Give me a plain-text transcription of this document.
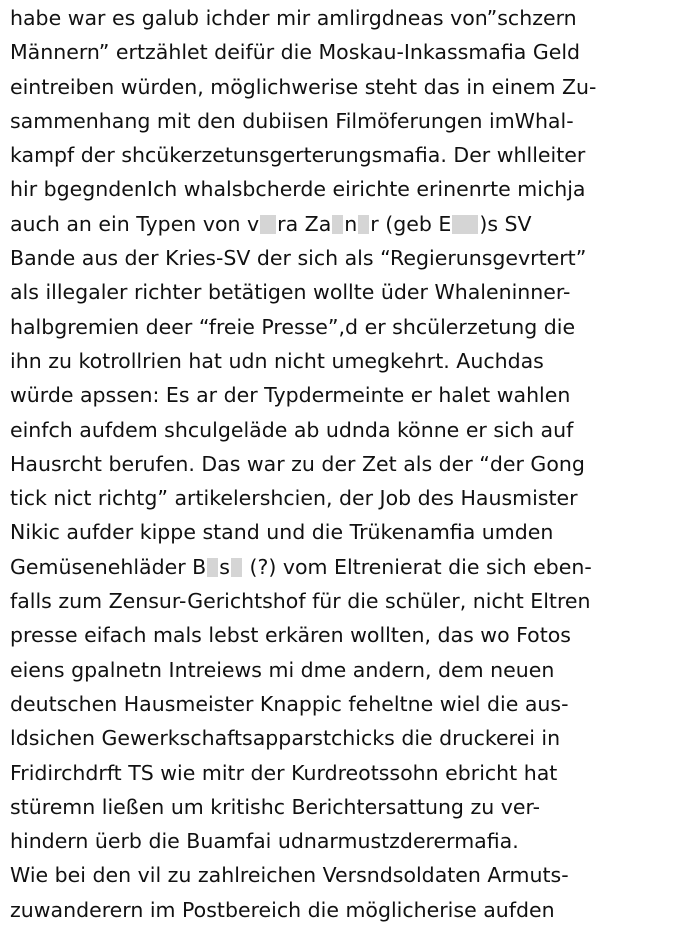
habe war es galub ichder mir amlirgdneas von”schzern
Männern” ertzählet deifür die Moskau-Inkassmafia Geld
eintreiben würden, möglichwerise steht das in einem Zu-
sammenhang mit den dubiisen Filmöferungen imWhal-
kampf der shcükerzetunsgerterungsmafia. Der whlleiter
hir bgegndenIch whalsbcherde eirichte erinenrte michja
auch an ein Typen von v ra Za n r (geb E )s SV
Bande aus der Kries-SV der sich als “Regierunsgevrtert”
als illegaler richter betätigen wollte üder Whaleninner-
halbgremien deer “freie Presse”,d er shcülerzetung die
ihn zu kotrollrien hat udn nicht umegkehrt. Auchdas
würde apssen: Es ar der Typdermeinte er halet wahlen
einfch aufdem shculgeläde ab udnda könne er sich auf
Hausrcht berufen. Das war zu der Zet als der “der Gong
tick nict richtg” artikelershcien, der Job des Hausmister
Nikic aufder kippe stand und die Trükenamfia umden
Gemüsenehläder B s (?) vom Eltrenierat die sich eben-
falls zum Zensur-Gerichtshof für die schüler, nicht Eltren
presse eifach mals lebst erkären wollten, das wo Fotos
eiens gpalnetn Intreiews mi dme andern, dem neuen
deutschen Hausmeister Knappic feheltne wiel die aus-
ldsichen Gewerkschaftsapparstchicks die druckerei in
Fridirchdrft TS wie mitr der Kurdreotssohn ebricht hat
stüremn ließen um kritishc Berichtersattung zu ver-
hindern üerb die Buamfai udnarmustzderermafia.
Wie bei den vil zu zahlreichen Versndsoldaten Armuts-
zuwanderern im Postbereich die möglicherise aufden
